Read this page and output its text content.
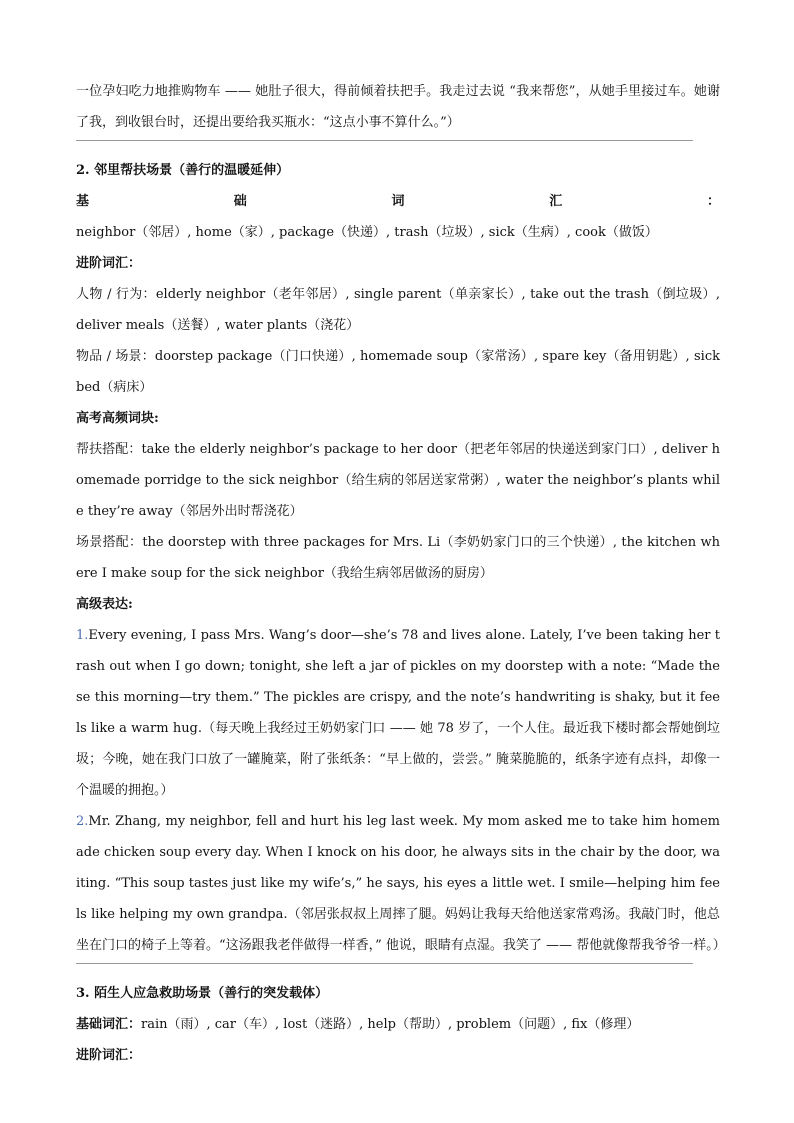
一位孕妇吃力地推购物车 —— 她肚子很大，得前倾着扶把手。我走过去说 “我来帮您”，从她手里接过车。她谢了我，到收银台时，还提出要给我买瓶水：“这点小事不算什么。”）

2. 邻里帮扶场景（善行的温暖延伸）

基础词汇：neighbor（邻居）, home（家）, package（快递）, trash（垃圾）, sick（生病）, cook（做饭）

进阶词汇：

人物 / 行为：elderly neighbor（老年邻居）, single parent（单亲家长）, take out the trash（倒垃圾）, deliver meals（送餐）, water plants（浇花）

物品 / 场景：doorstep package（门口快递）, homemade soup（家常汤）, spare key（备用钥匙）, sickbed（病床）

高考高频词块:

帮扶搭配：take the elderly neighbor’s package to her door（把老年邻居的快递送到家门口）, deliver homemade porridge to the sick neighbor（给生病的邻居送家常粥）, water the neighbor’s plants while they’re away（邻居外出时帮浇花）

场景搭配：the doorstep with three packages for Mrs. Li（李奶奶家门口的三个快递）, the kitchen where I make soup for the sick neighbor（我给生病邻居做汤的厨房）

高级表达:

1.Every evening, I pass Mrs. Wang’s door—she’s 78 and lives alone. Lately, I’ve been taking her trash out when I go down; tonight, she left a jar of pickles on my doorstep with a note: “Made these this morning—try them.” The pickles are crispy, and the note’s handwriting is shaky, but it feels like a warm hug.（每天晚上我经过王奶奶家门口 —— 她 78 岁了，一个人住。最近我下楼时都会帮她倒垃圾；今晚，她在我门口放了一罐腌菜，附了张纸条：“早上做的，尝尝。” 腌菜脆脆的，纸条字迹有点抖，却像一个温暖的拥抱。）

2.Mr. Zhang, my neighbor, fell and hurt his leg last week. My mom asked me to take him homemade chicken soup every day. When I knock on his door, he always sits in the chair by the door, waiting. “This soup tastes just like my wife’s,” he says, his eyes a little wet. I smile—helping him feels like helping my own grandpa.（邻居张叔叔上周摔了腿。妈妈让我每天给他送家常鸡汤。我敲门时，他总坐在门口的椅子上等着。“这汤跟我老伴做得一样香，” 他说，眼睛有点湿。我笑了 —— 帮他就像帮我爷爷一样。）

3. 陌生人应急救助场景（善行的突发载体）

基础词汇：rain（雨）, car（车）, lost（迷路）, help（帮助）, problem（问题）, fix（修理）

进阶词汇：
